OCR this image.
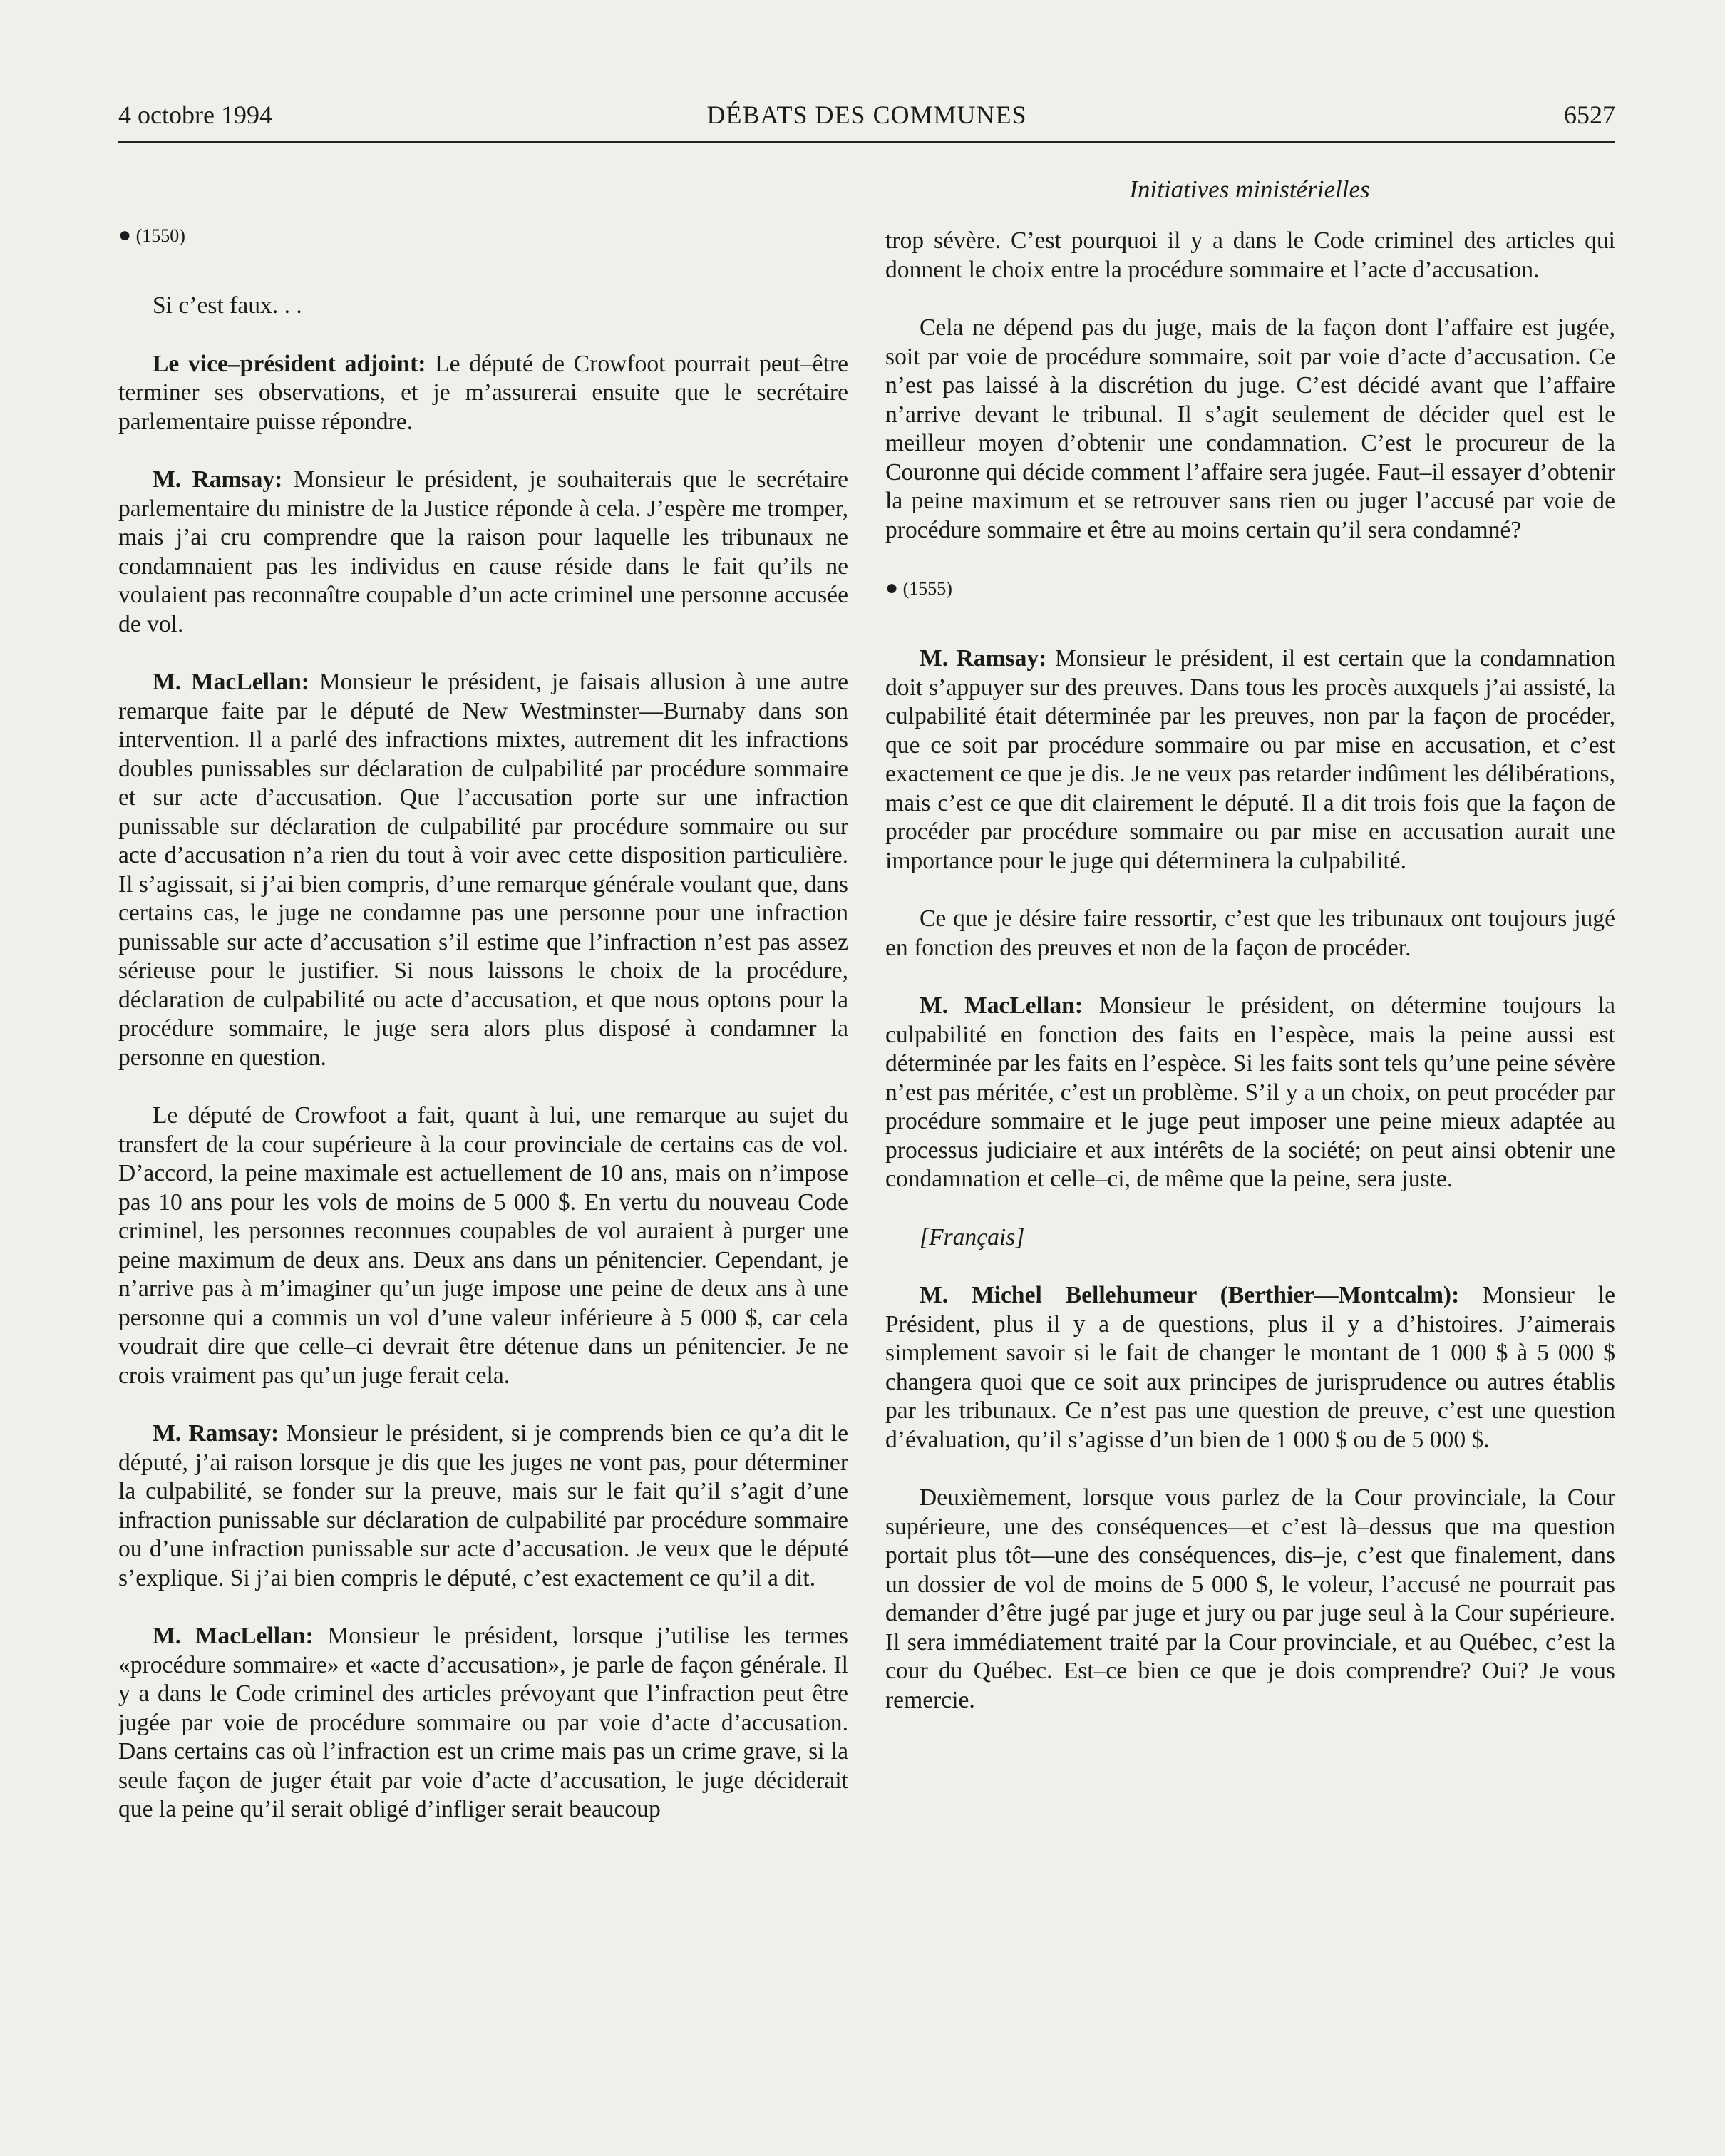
4 octobre 1994	DÉBATS DES COMMUNES	6527
Initiatives ministérielles
● (1550)

Si c’est faux. . .

Le vice–président adjoint: Le député de Crowfoot pourrait peut–être terminer ses observations, et je m’assurerai ensuite que le secrétaire parlementaire puisse répondre.

M. Ramsay: Monsieur le président, je souhaiterais que le secrétaire parlementaire du ministre de la Justice réponde à cela. J’espère me tromper, mais j’ai cru comprendre que la raison pour laquelle les tribunaux ne condamnaient pas les individus en cause réside dans le fait qu’ils ne voulaient pas reconnaître coupable d’un acte criminel une personne accusée de vol.

M. MacLellan: Monsieur le président, je faisais allusion à une autre remarque faite par le député de New Westminster—Burnaby dans son intervention. Il a parlé des infractions mixtes, autrement dit les infractions doubles punissables sur déclaration de culpabilité par procédure sommaire et sur acte d’accusation. Que l’accusation porte sur une infraction punissable sur déclaration de culpabilité par procédure sommaire ou sur acte d’accusation n’a rien du tout à voir avec cette disposition particulière. Il s’agissait, si j’ai bien compris, d’une remarque générale voulant que, dans certains cas, le juge ne condamne pas une personne pour une infraction punissable sur acte d’accusation s’il estime que l’infraction n’est pas assez sérieuse pour le justifier. Si nous laissons le choix de la procédure, déclaration de culpabilité ou acte d’accusation, et que nous optons pour la procédure sommaire, le juge sera alors plus disposé à condamner la personne en question.

Le député de Crowfoot a fait, quant à lui, une remarque au sujet du transfert de la cour supérieure à la cour provinciale de certains cas de vol. D’accord, la peine maximale est actuellement de 10 ans, mais on n’impose pas 10 ans pour les vols de moins de 5 000 $. En vertu du nouveau Code criminel, les personnes reconnues coupables de vol auraient à purger une peine maximum de deux ans. Deux ans dans un pénitencier. Cependant, je n’arrive pas à m’imaginer qu’un juge impose une peine de deux ans à une personne qui a commis un vol d’une valeur inférieure à 5 000 $, car cela voudrait dire que celle–ci devrait être détenue dans un pénitencier. Je ne crois vraiment pas qu’un juge ferait cela.

M. Ramsay: Monsieur le président, si je comprends bien ce qu’a dit le député, j’ai raison lorsque je dis que les juges ne vont pas, pour déterminer la culpabilité, se fonder sur la preuve, mais sur le fait qu’il s’agit d’une infraction punissable sur déclaration de culpabilité par procédure sommaire ou d’une infraction punissable sur acte d’accusation. Je veux que le député s’explique. Si j’ai bien compris le député, c’est exactement ce qu’il a dit.

M. MacLellan: Monsieur le président, lorsque j’utilise les termes «procédure sommaire» et «acte d’accusation», je parle de façon générale. Il y a dans le Code criminel des articles prévoyant que l’infraction peut être jugée par voie de procédure sommaire ou par voie d’acte d’accusation. Dans certains cas où l’infraction est un crime mais pas un crime grave, si la seule façon de juger était par voie d’acte d’accusation, le juge déciderait que la peine qu’il serait obligé d’infliger serait beaucoup

trop sévère. C’est pourquoi il y a dans le Code criminel des articles qui donnent le choix entre la procédure sommaire et l’acte d’accusation.

Cela ne dépend pas du juge, mais de la façon dont l’affaire est jugée, soit par voie de procédure sommaire, soit par voie d’acte d’accusation. Ce n’est pas laissé à la discrétion du juge. C’est décidé avant que l’affaire n’arrive devant le tribunal. Il s’agit seulement de décider quel est le meilleur moyen d’obtenir une condamnation. C’est le procureur de la Couronne qui décide comment l’affaire sera jugée. Faut–il essayer d’obtenir la peine maximum et se retrouver sans rien ou juger l’accusé par voie de procédure sommaire et être au moins certain qu’il sera condamné?

● (1555)

M. Ramsay: Monsieur le président, il est certain que la condamnation doit s’appuyer sur des preuves. Dans tous les procès auxquels j’ai assisté, la culpabilité était déterminée par les preuves, non par la façon de procéder, que ce soit par procédure sommaire ou par mise en accusation, et c’est exactement ce que je dis. Je ne veux pas retarder indûment les délibérations, mais c’est ce que dit clairement le député. Il a dit trois fois que la façon de procéder par procédure sommaire ou par mise en accusation aurait une importance pour le juge qui déterminera la culpabilité.

Ce que je désire faire ressortir, c’est que les tribunaux ont toujours jugé en fonction des preuves et non de la façon de procéder.

M. MacLellan: Monsieur le président, on détermine toujours la culpabilité en fonction des faits en l’espèce, mais la peine aussi est déterminée par les faits en l’espèce. Si les faits sont tels qu’une peine sévère n’est pas méritée, c’est un problème. S’il y a un choix, on peut procéder par procédure sommaire et le juge peut imposer une peine mieux adaptée au processus judiciaire et aux intérêts de la société; on peut ainsi obtenir une condamnation et celle–ci, de même que la peine, sera juste.

[Français]

M. Michel Bellehumeur (Berthier—Montcalm): Monsieur le Président, plus il y a de questions, plus il y a d’histoires. J’aimerais simplement savoir si le fait de changer le montant de 1 000 $ à 5 000 $ changera quoi que ce soit aux principes de jurisprudence ou autres établis par les tribunaux. Ce n’est pas une question de preuve, c’est une question d’évaluation, qu’il s’agisse d’un bien de 1 000 $ ou de 5 000 $.

Deuxièmement, lorsque vous parlez de la Cour provinciale, la Cour supérieure, une des conséquences—et c’est là–dessus que ma question portait plus tôt—une des conséquences, dis–je, c’est que finalement, dans un dossier de vol de moins de 5 000 $, le voleur, l’accusé ne pourrait pas demander d’être jugé par juge et jury ou par juge seul à la Cour supérieure. Il sera immédiatement traité par la Cour provinciale, et au Québec, c’est la cour du Québec. Est–ce bien ce que je dois comprendre? Oui? Je vous remercie.
